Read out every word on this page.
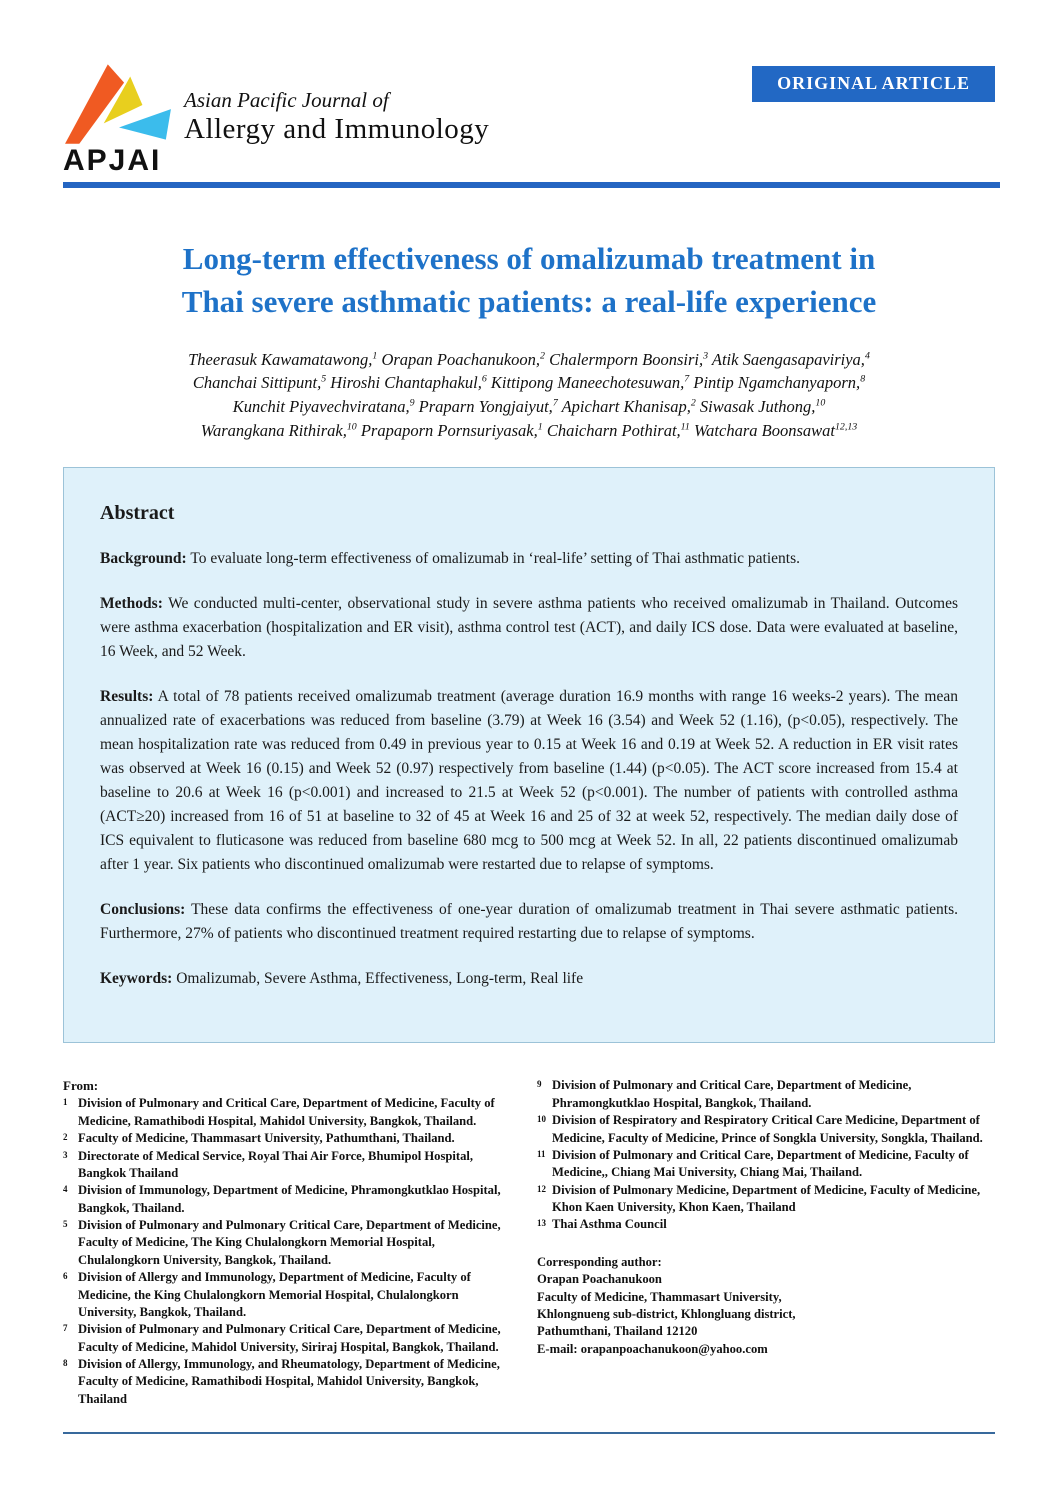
APJAI
Asian Pacific Journal of
Allergy and Immunology
ORIGINAL ARTICLE
Long-term effectiveness of omalizumab treatment in
Thai severe asthmatic patients: a real-life experience
Theerasuk Kawamatawong,$^1$ Orapan Poachanukoon,$^2$ Chalermporn Boonsiri,$^3$ Atik Saengasapaviriya,$^4$
Chanchai Sittipunt,$^5$ Hiroshi Chantaphakul,$^6$ Kittipong Maneechotesuwan,$^7$ Pintip Ngamchanyaporn,$^8$
Kunchit Piyavechviratana,$^9$ Praparn Yongjaiyut,$^7$ Apichart Khanisap,$^2$ Siwasak Juthong,$^{10}$
Warangkana Rithirak,$^{10}$ Prapaporn Pornsuriyasak,$^1$ Chaicharn Pothirat,$^{11}$ Watchara Boonsawat$^{12,13}$
Abstract

Background: To evaluate long-term effectiveness of omalizumab in ‘real-life’ setting of Thai asthmatic patients.

Methods: We conducted multi-center, observational study in severe asthma patients who received omalizumab in Thailand. Outcomes were asthma exacerbation (hospitalization and ER visit), asthma control test (ACT), and daily ICS dose. Data were evaluated at baseline, 16 Week, and 52 Week.

Results: A total of 78 patients received omalizumab treatment (average duration 16.9 months with range 16 weeks-2 years). The mean annualized rate of exacerbations was reduced from baseline (3.79) at Week 16 (3.54) and Week 52 (1.16), (p<0.05), respectively. The mean hospitalization rate was reduced from 0.49 in previous year to 0.15 at Week 16 and 0.19 at Week 52. A reduction in ER visit rates was observed at Week 16 (0.15) and Week 52 (0.97) respectively from baseline (1.44) (p<0.05). The ACT score increased from 15.4 at baseline to 20.6 at Week 16 (p<0.001) and increased to 21.5 at Week 52 (p<0.001). The number of patients with controlled asthma (ACT≥20) increased from 16 of 51 at baseline to 32 of 45 at Week 16 and 25 of 32 at week 52, respectively. The median daily dose of ICS equivalent to fluticasone was reduced from baseline 680 mcg to 500 mcg at Week 52. In all, 22 patients discontinued omalizumab after 1 year. Six patients who discontinued omalizumab were restarted due to relapse of symptoms.

Conclusions: These data confirms the effectiveness of one-year duration of omalizumab treatment in Thai severe asthmatic patients. Furthermore, 27% of patients who discontinued treatment required restarting due to relapse of symptoms.

Keywords: Omalizumab, Severe Asthma, Effectiveness, Long-term, Real life

From:
1 Division of Pulmonary and Critical Care, Department of Medicine, Faculty of Medicine, Ramathibodi Hospital, Mahidol University, Bangkok, Thailand.
2 Faculty of Medicine, Thammasart University, Pathumthani, Thailand.
3 Directorate of Medical Service, Royal Thai Air Force, Bhumipol Hospital, Bangkok Thailand
4 Division of Immunology, Department of Medicine, Phramongkutklao Hospital, Bangkok, Thailand.
5 Division of Pulmonary and Pulmonary Critical Care, Department of Medicine, Faculty of Medicine, The King Chulalongkorn Memorial Hospital, Chulalongkorn University, Bangkok, Thailand.
6 Division of Allergy and Immunology, Department of Medicine, Faculty of Medicine, the King Chulalongkorn Memorial Hospital, Chulalongkorn University, Bangkok, Thailand.
7 Division of Pulmonary and Pulmonary Critical Care, Department of Medicine, Faculty of Medicine, Mahidol University, Siriraj Hospital, Bangkok, Thailand.
8 Division of Allergy, Immunology, and Rheumatology, Department of Medicine, Faculty of Medicine, Ramathibodi Hospital, Mahidol University, Bangkok, Thailand
9 Division of Pulmonary and Critical Care, Department of Medicine, Phramongkutklao Hospital, Bangkok, Thailand.
10 Division of Respiratory and Respiratory Critical Care Medicine, Department of Medicine, Faculty of Medicine, Prince of Songkla University, Songkla, Thailand.
11 Division of Pulmonary and Critical Care, Department of Medicine, Faculty of Medicine,, Chiang Mai University, Chiang Mai, Thailand.
12 Division of Pulmonary Medicine, Department of Medicine, Faculty of Medicine, Khon Kaen University, Khon Kaen, Thailand
13 Thai Asthma Council
Corresponding author:
Orapan Poachanukoon
Faculty of Medicine, Thammasart University,
Khlongnueng sub-district, Khlongluang district,
Pathumthani, Thailand 12120
E-mail: orapanpoachanukoon@yahoo.com
